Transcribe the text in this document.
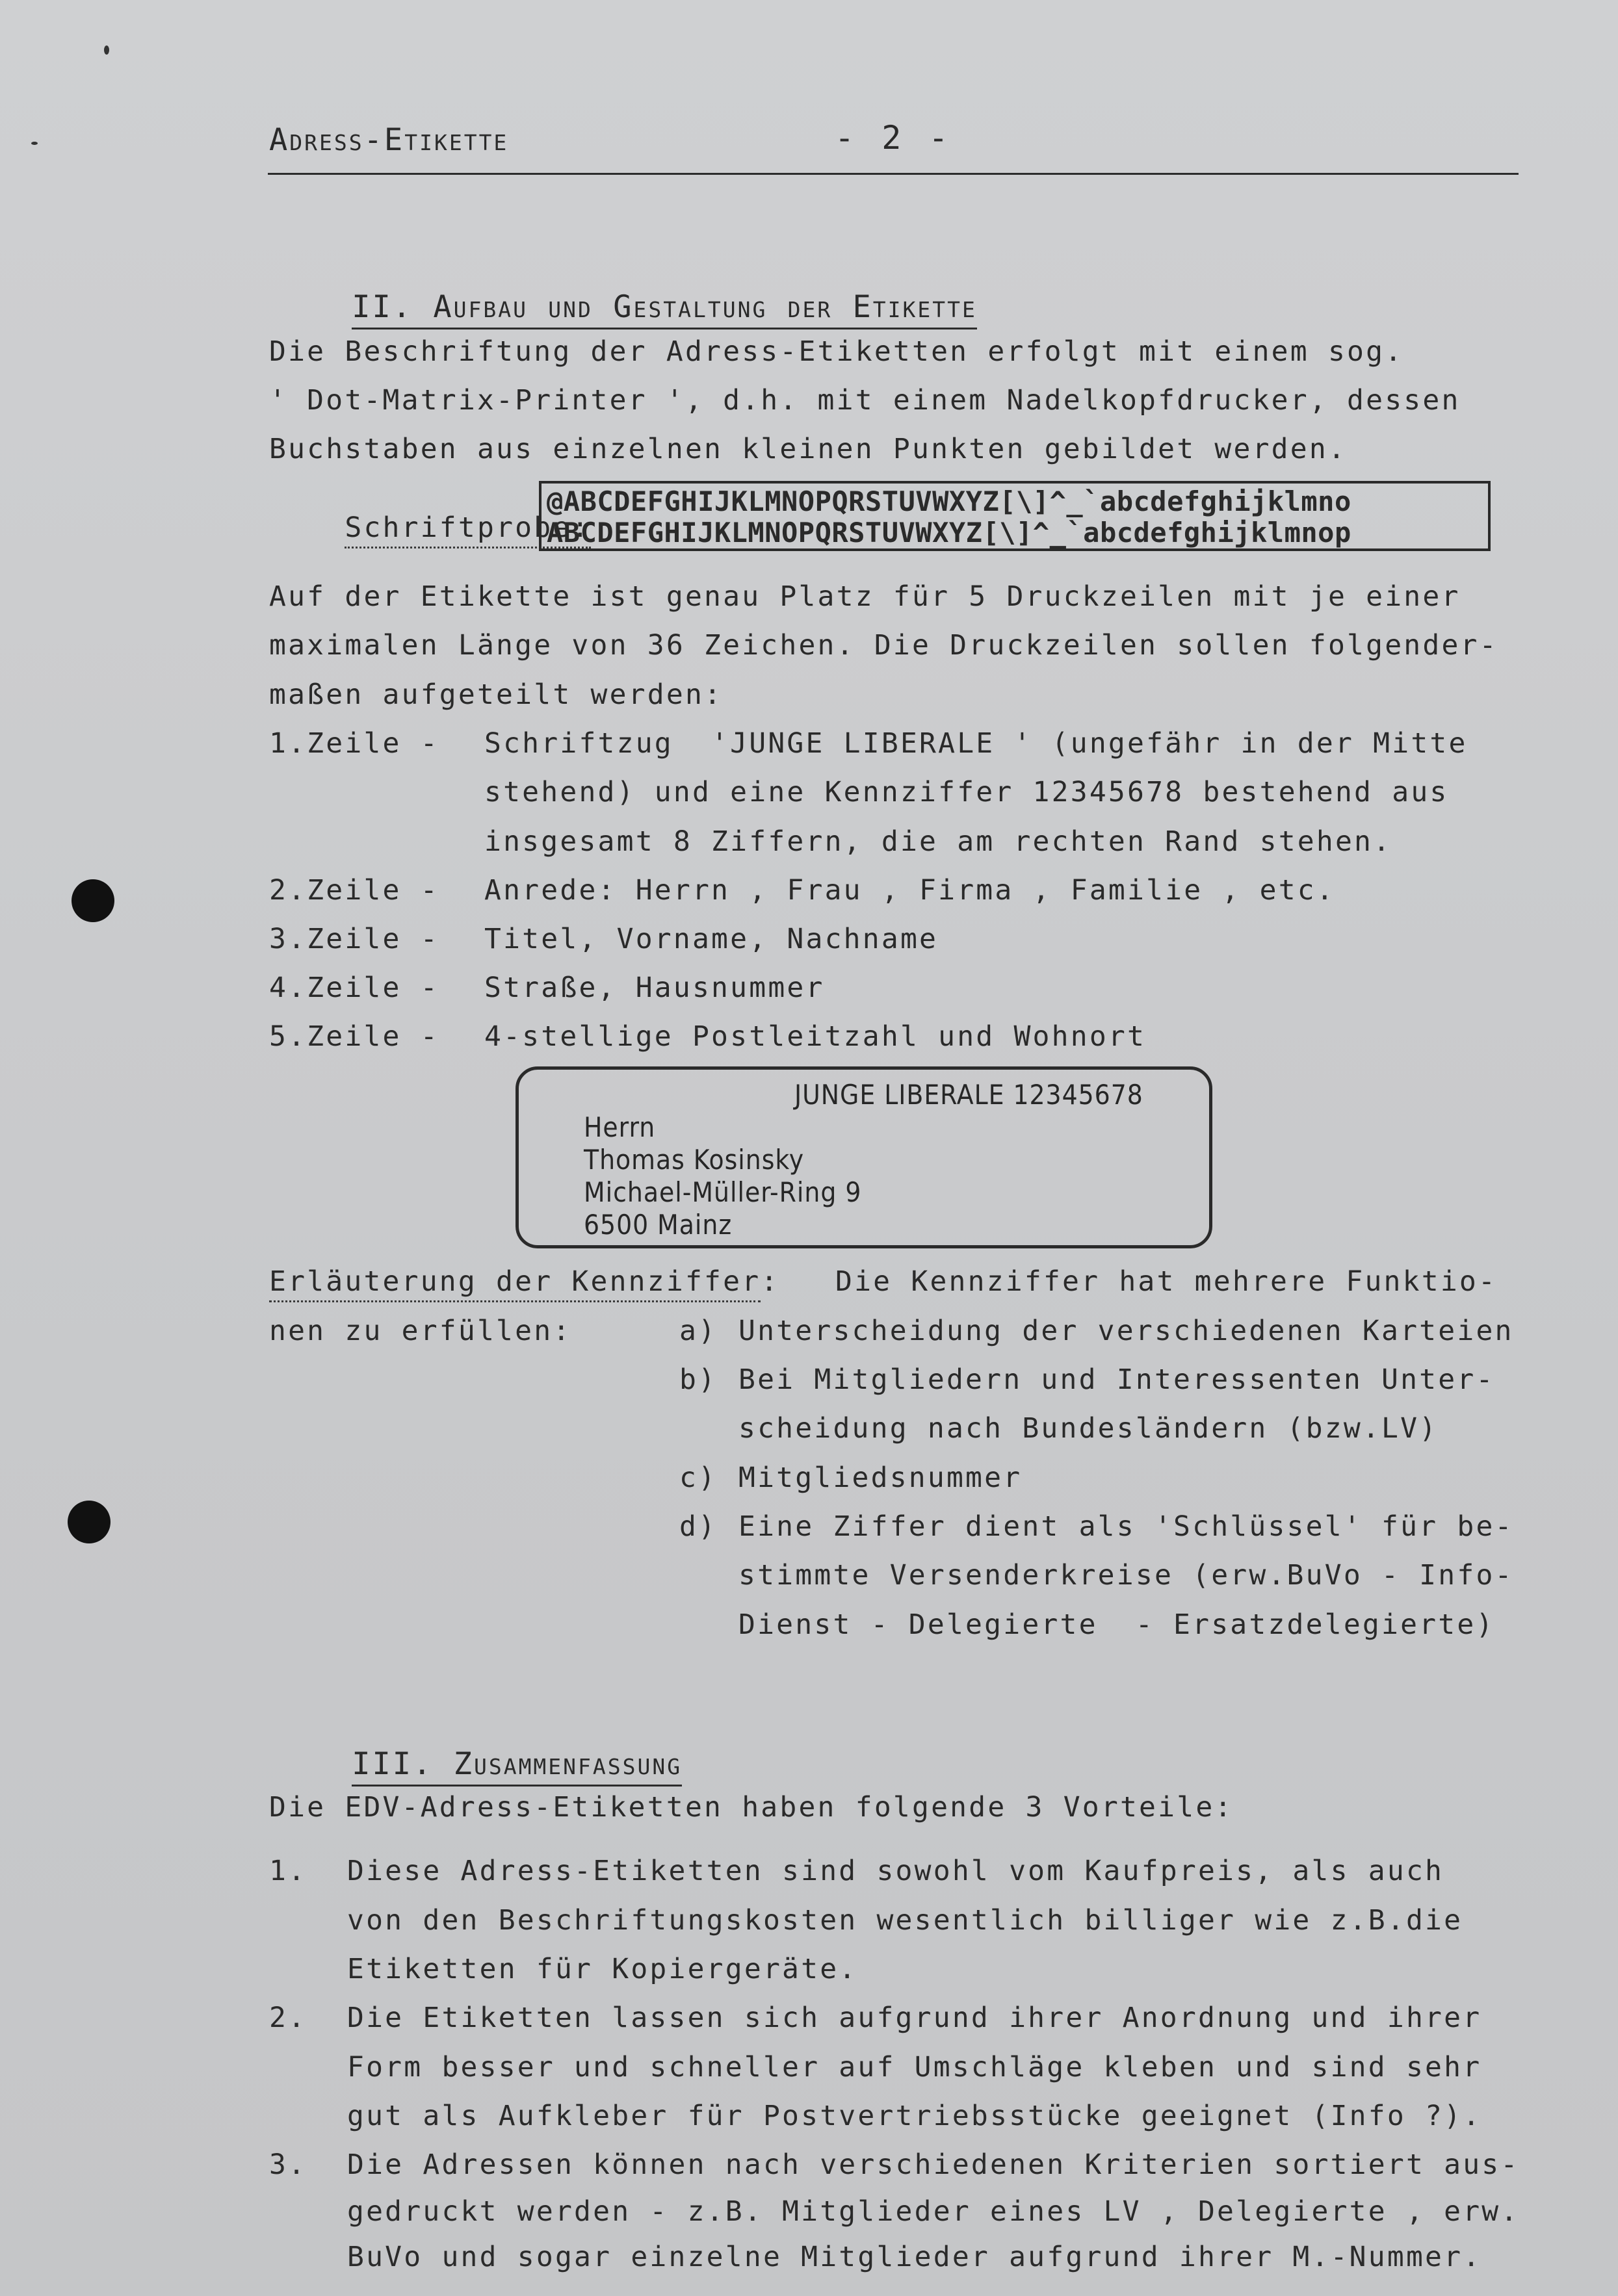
Adress-Etikette	- 2 -

II. Aufbau und Gestaltung der Etikette

Die Beschriftung der Adress-Etiketten erfolgt mit einem sog.
' Dot-Matrix-Printer ', d.h. mit einem Nadelkopfdrucker, dessen
Buchstaben aus einzelnen kleinen Punkten gebildet werden.

Schriftprobe:

@ABCDEFGHIJKLMNOPQRSTUVWXYZ[\]^_`abcdefghijklmno
ABCDEFGHIJKLMNOPQRSTUVWXYZ[\]^_`abcdefghijklmnop
Auf der Etikette ist genau Platz für 5 Druckzeilen mit je einer
maximalen Länge von 36 Zeichen. Die Druckzeilen sollen folgender-
maßen aufgeteilt werden:
1.Zeile - Schriftzug  'JUNGE LIBERALE ' (ungefähr in der Mitte
stehend) und eine Kennziffer 12345678 bestehend aus
insgesamt 8 Ziffern, die am rechten Rand stehen.
2.Zeile - Anrede: Herrn , Frau , Firma , Familie , etc.
3.Zeile - Titel, Vorname, Nachname
4.Zeile - Straße, Hausnummer
5.Zeile - 4-stellige Postleitzahl und Wohnort
JUNGE LIBERALE 12345678
Herrn
Thomas Kosinsky
Michael-Müller-Ring 9
6500 Mainz
Erläuterung der Kennziffer: Die Kennziffer hat mehrere Funktio-
nen zu erfüllen:	a) Unterscheidung der verschiedenen Karteien
b) Bei Mitgliedern und Interessenten Unter-
scheidung nach Bundesländern (bzw.LV)
c) Mitgliedsnummer
d) Eine Ziffer dient als 'Schlüssel' für be-
stimmte Versenderkreise (erw.BuVo - Info-
Dienst - Delegierte  - Ersatzdelegierte)

III. Zusammenfassung

Die EDV-Adress-Etiketten haben folgende 3 Vorteile:
1. Diese Adress-Etiketten sind sowohl vom Kaufpreis, als auch
von den Beschriftungskosten wesentlich billiger wie z.B.die
Etiketten für Kopiergeräte.
2. Die Etiketten lassen sich aufgrund ihrer Anordnung und ihrer
Form besser und schneller auf Umschläge kleben und sind sehr
gut als Aufkleber für Postvertriebsstücke geeignet (Info ?).
3. Die Adressen können nach verschiedenen Kriterien sortiert aus-
gedruckt werden - z.B. Mitglieder eines LV , Delegierte , erw.
BuVo und sogar einzelne Mitglieder aufgrund ihrer M.-Nummer.
